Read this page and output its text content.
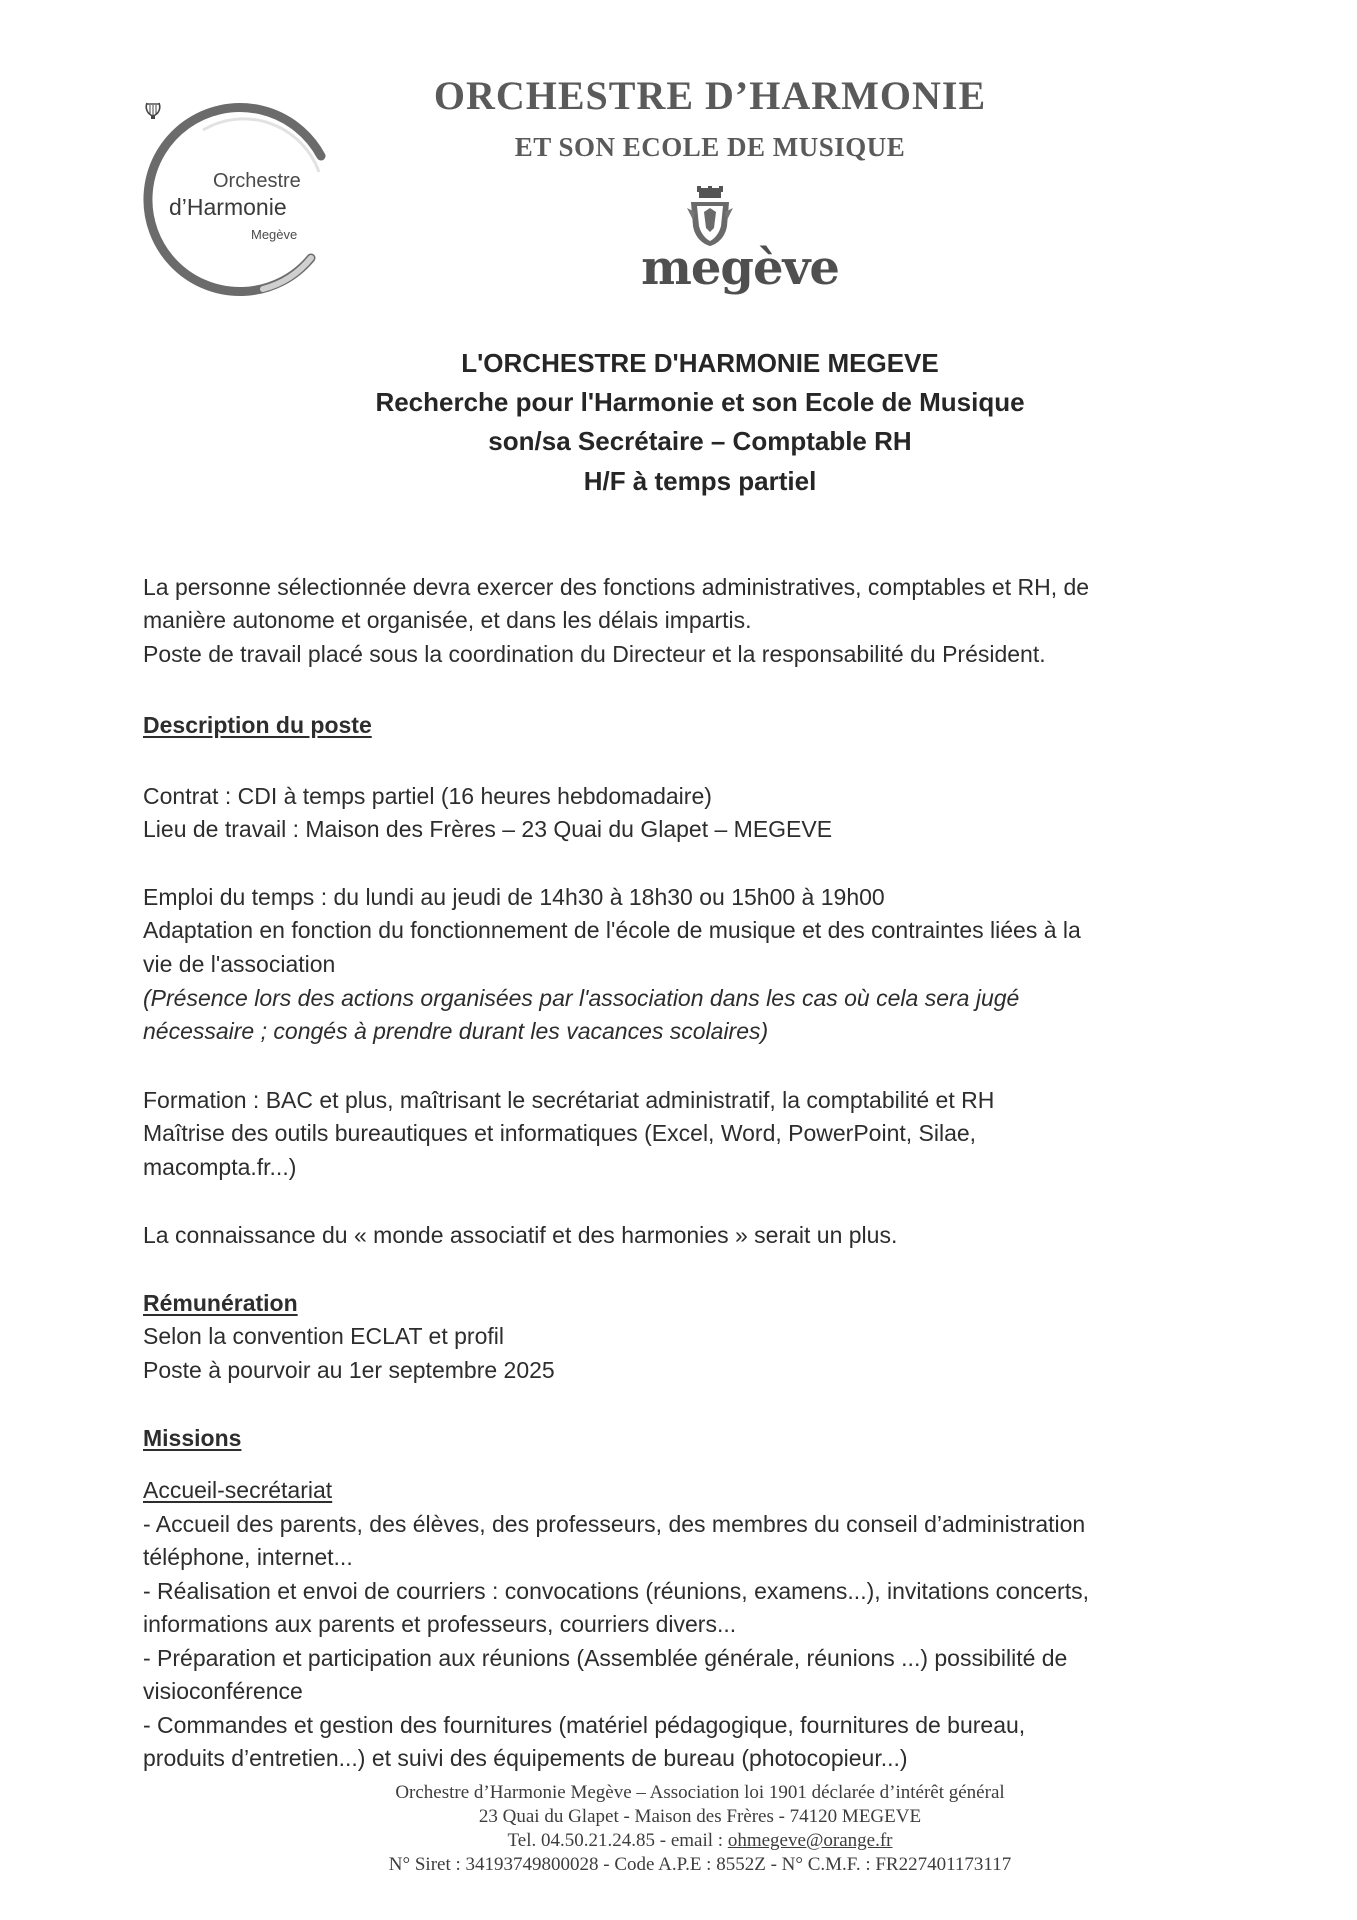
Orchestre
d’Harmonie
Megève
ORCHESTRE D’HARMONIE
ET SON ECOLE DE MUSIQUE
megève
L'ORCHESTRE D'HARMONIE MEGEVE
Recherche pour l'Harmonie et son Ecole de Musique
son/sa Secrétaire – Comptable RH
H/F à temps partiel
La personne sélectionnée devra exercer des fonctions administratives, comptables et RH, de
manière autonome et organisée, et dans les délais impartis.
Poste de travail placé sous la coordination du Directeur et la responsabilité du Président.
Description du poste
Contrat : CDI à temps partiel (16 heures hebdomadaire)
Lieu de travail : Maison des Frères – 23 Quai du Glapet – MEGEVE
Emploi du temps : du lundi au jeudi de 14h30 à 18h30 ou 15h00 à 19h00
Adaptation en fonction du fonctionnement de l'école de musique et des contraintes liées à la
vie de l'association
(Présence lors des actions organisées par l'association dans les cas où cela sera jugé
nécessaire ; congés à prendre durant les vacances scolaires)
Formation : BAC et plus, maîtrisant le secrétariat administratif, la comptabilité et RH
Maîtrise des outils bureautiques et informatiques (Excel, Word, PowerPoint, Silae,
macompta.fr...)
La connaissance du « monde associatif et des harmonies » serait un plus.
Rémunération
Selon la convention ECLAT et profil
Poste à pourvoir au 1er septembre 2025
Missions
Accueil-secrétariat
- Accueil des parents, des élèves, des professeurs, des membres du conseil d’administration
téléphone, internet...
- Réalisation et envoi de courriers : convocations (réunions, examens...), invitations concerts,
informations aux parents et professeurs, courriers divers...
- Préparation et participation aux réunions (Assemblée générale, réunions ...) possibilité de
visioconférence
- Commandes et gestion des fournitures (matériel pédagogique, fournitures de bureau,
produits d’entretien...) et suivi des équipements de bureau (photocopieur...)
Orchestre d’Harmonie Megève – Association loi 1901 déclarée d’intérêt général
23 Quai du Glapet - Maison des Frères - 74120 MEGEVE
Tel. 04.50.21.24.85 - email : ohmegeve@orange.fr
N° Siret : 34193749800028 - Code A.P.E : 8552Z - N° C.M.F. : FR227401173117
